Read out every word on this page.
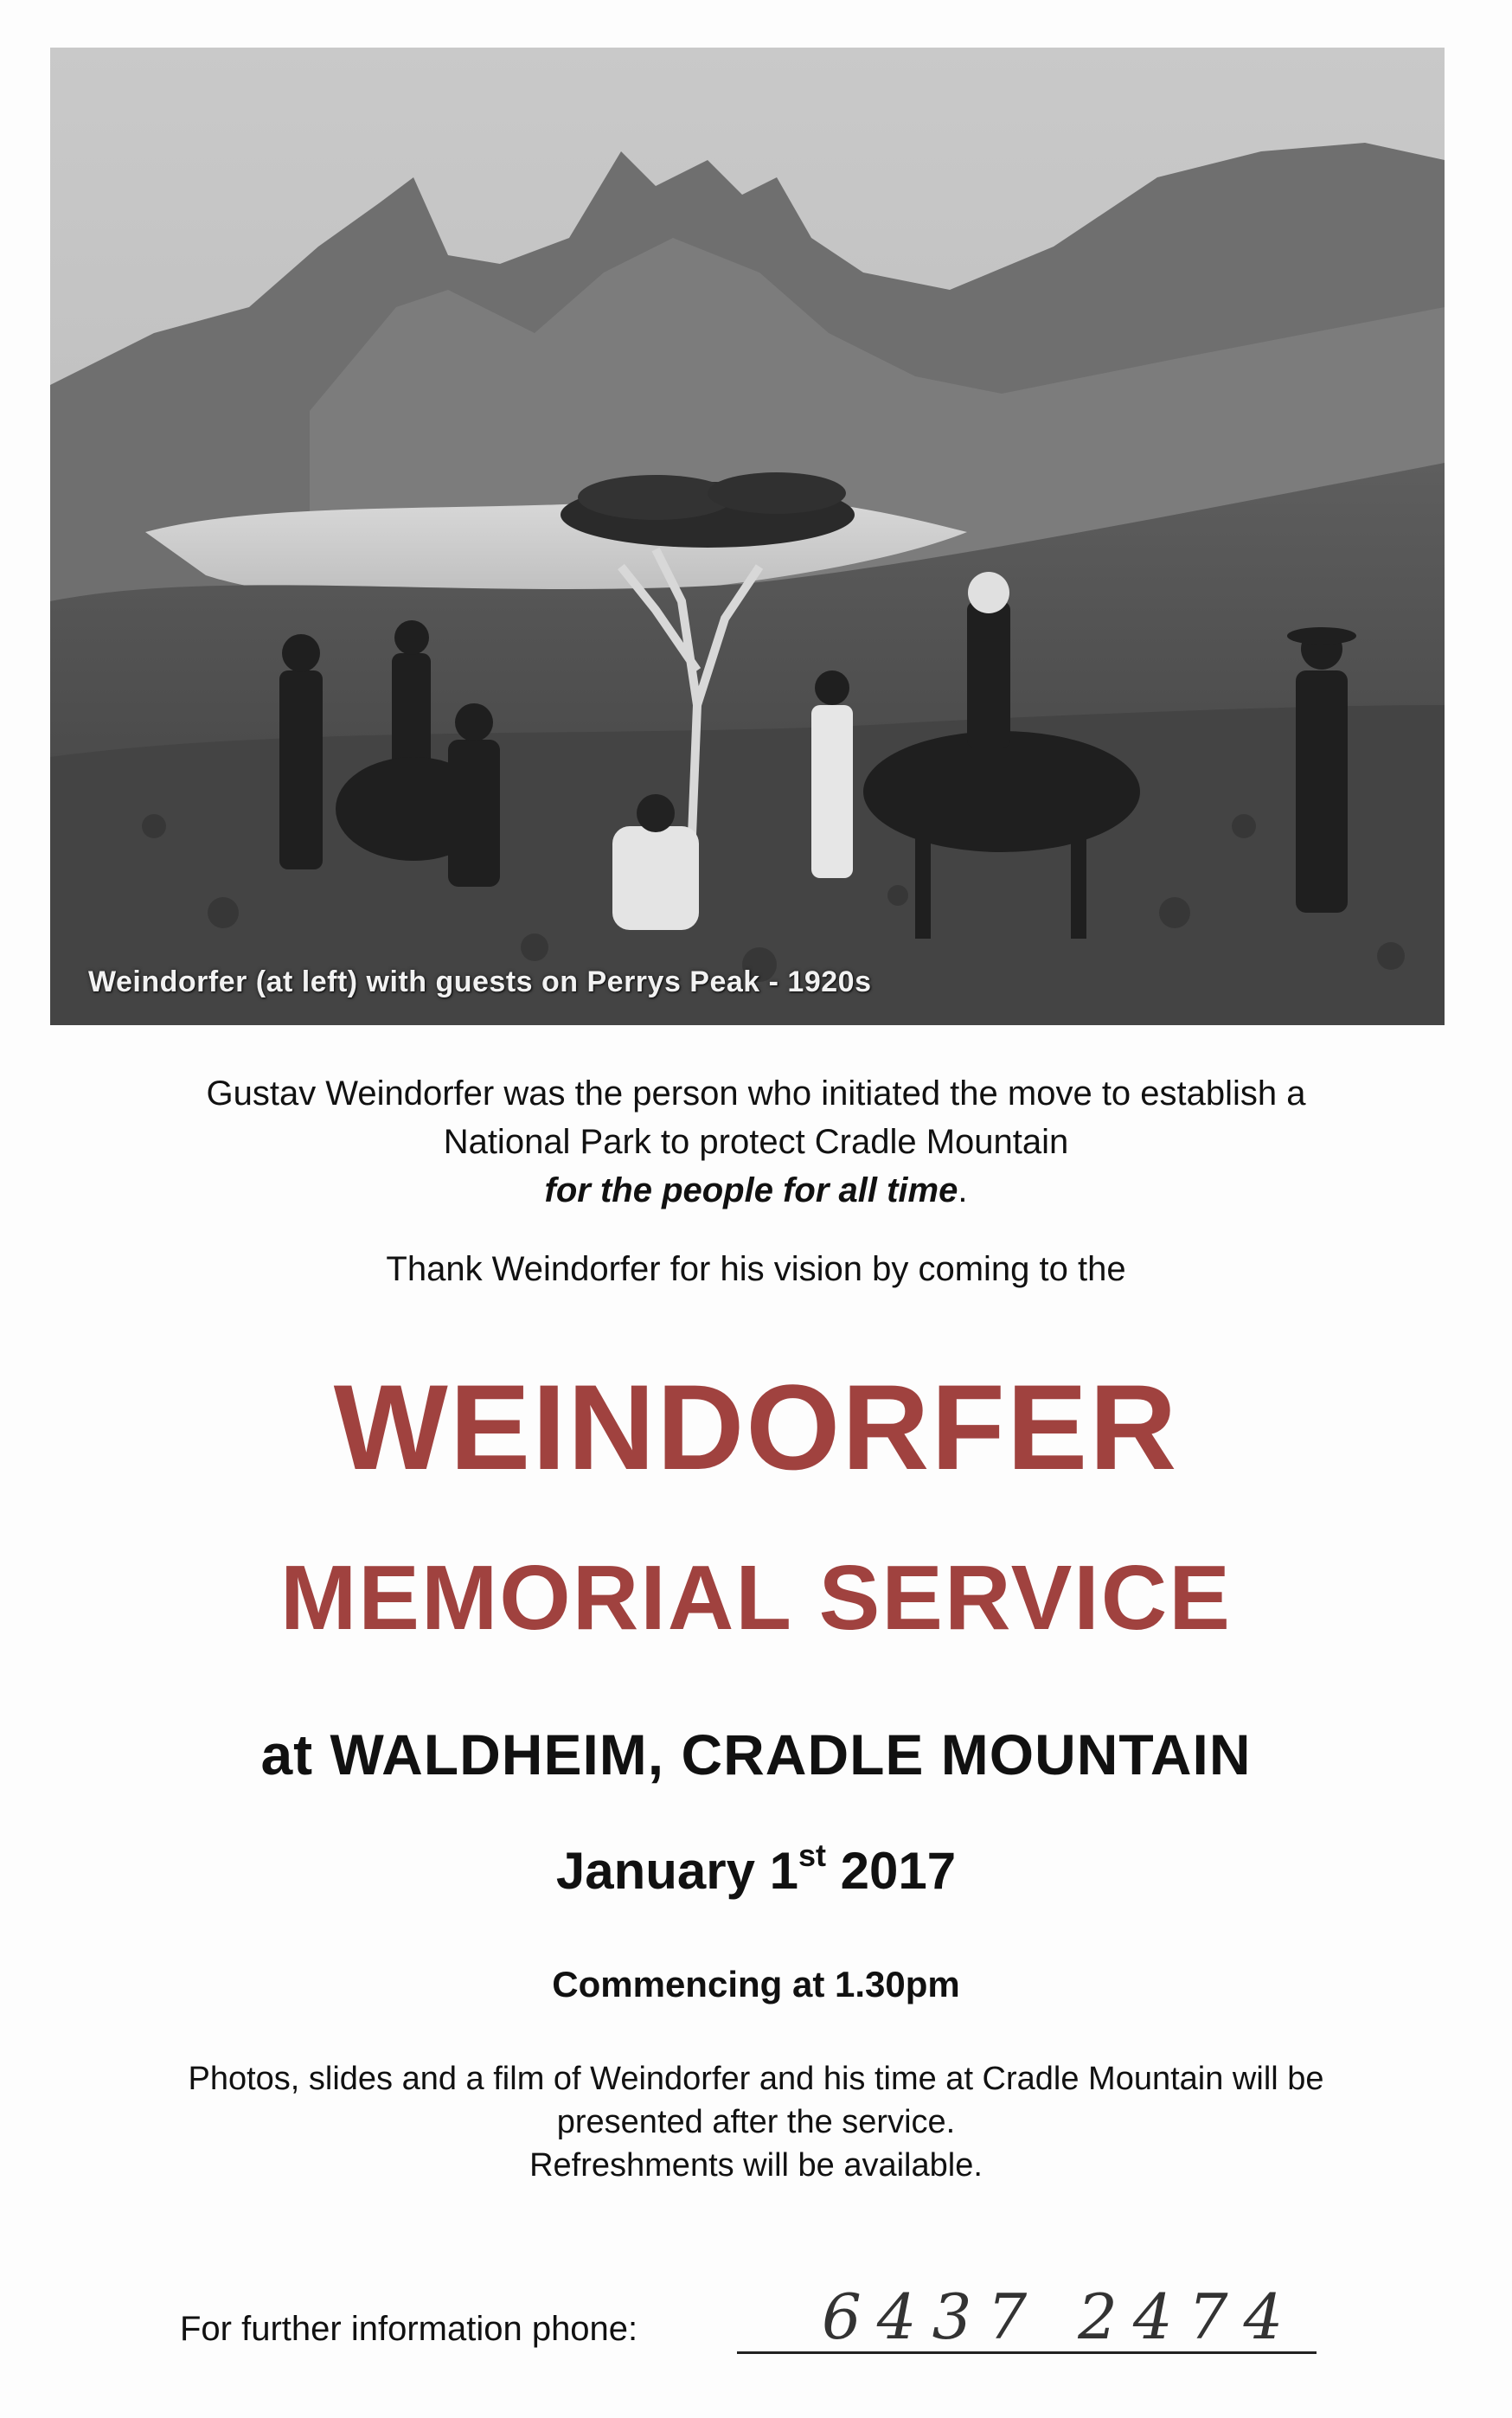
Weindorfer (at left) with guests on Perrys Peak - 1920s
Gustav Weindorfer was the person who initiated the move to establish a
National Park to protect Cradle Mountain
for the people for all time.
Thank Weindorfer for his vision by coming to the
WEINDORFER
MEMORIAL SERVICE
at WALDHEIM, CRADLE MOUNTAIN
January 1st 2017
Commencing at 1.30pm
Photos, slides and a film of Weindorfer and his time at Cradle Mountain will be
presented after the service.
Refreshments will be available.
For further information phone:	6437 2474
